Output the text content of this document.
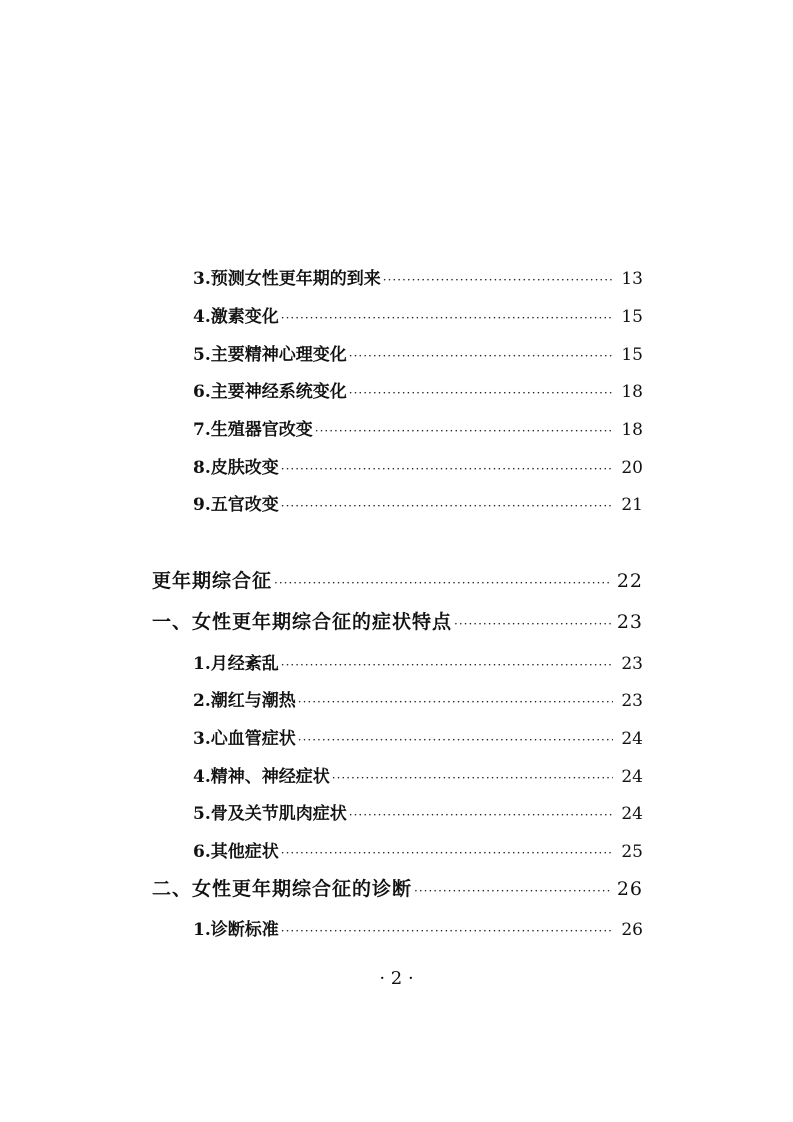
3.预测女性更年期的到来 ·····	13
4.激素变化 ·····	15
5.主要精神心理变化 ·····	15
6.主要神经系统变化 ·····	18
7.生殖器官改变 ·····	18
8.皮肤改变 ·····	20
9.五官改变 ·····	21
更年期综合征 ·····	22
一、女性更年期综合征的症状特点 ·····	23
1.月经紊乱 ·····	23
2.潮红与潮热 ·····	23
3.心血管症状 ·····	24
4.精神、神经症状 ·····	24
5.骨及关节肌肉症状 ·····	24
6.其他症状 ·····	25
二、女性更年期综合征的诊断 ·····	26
1.诊断标准 ·····	26
· 2 ·
